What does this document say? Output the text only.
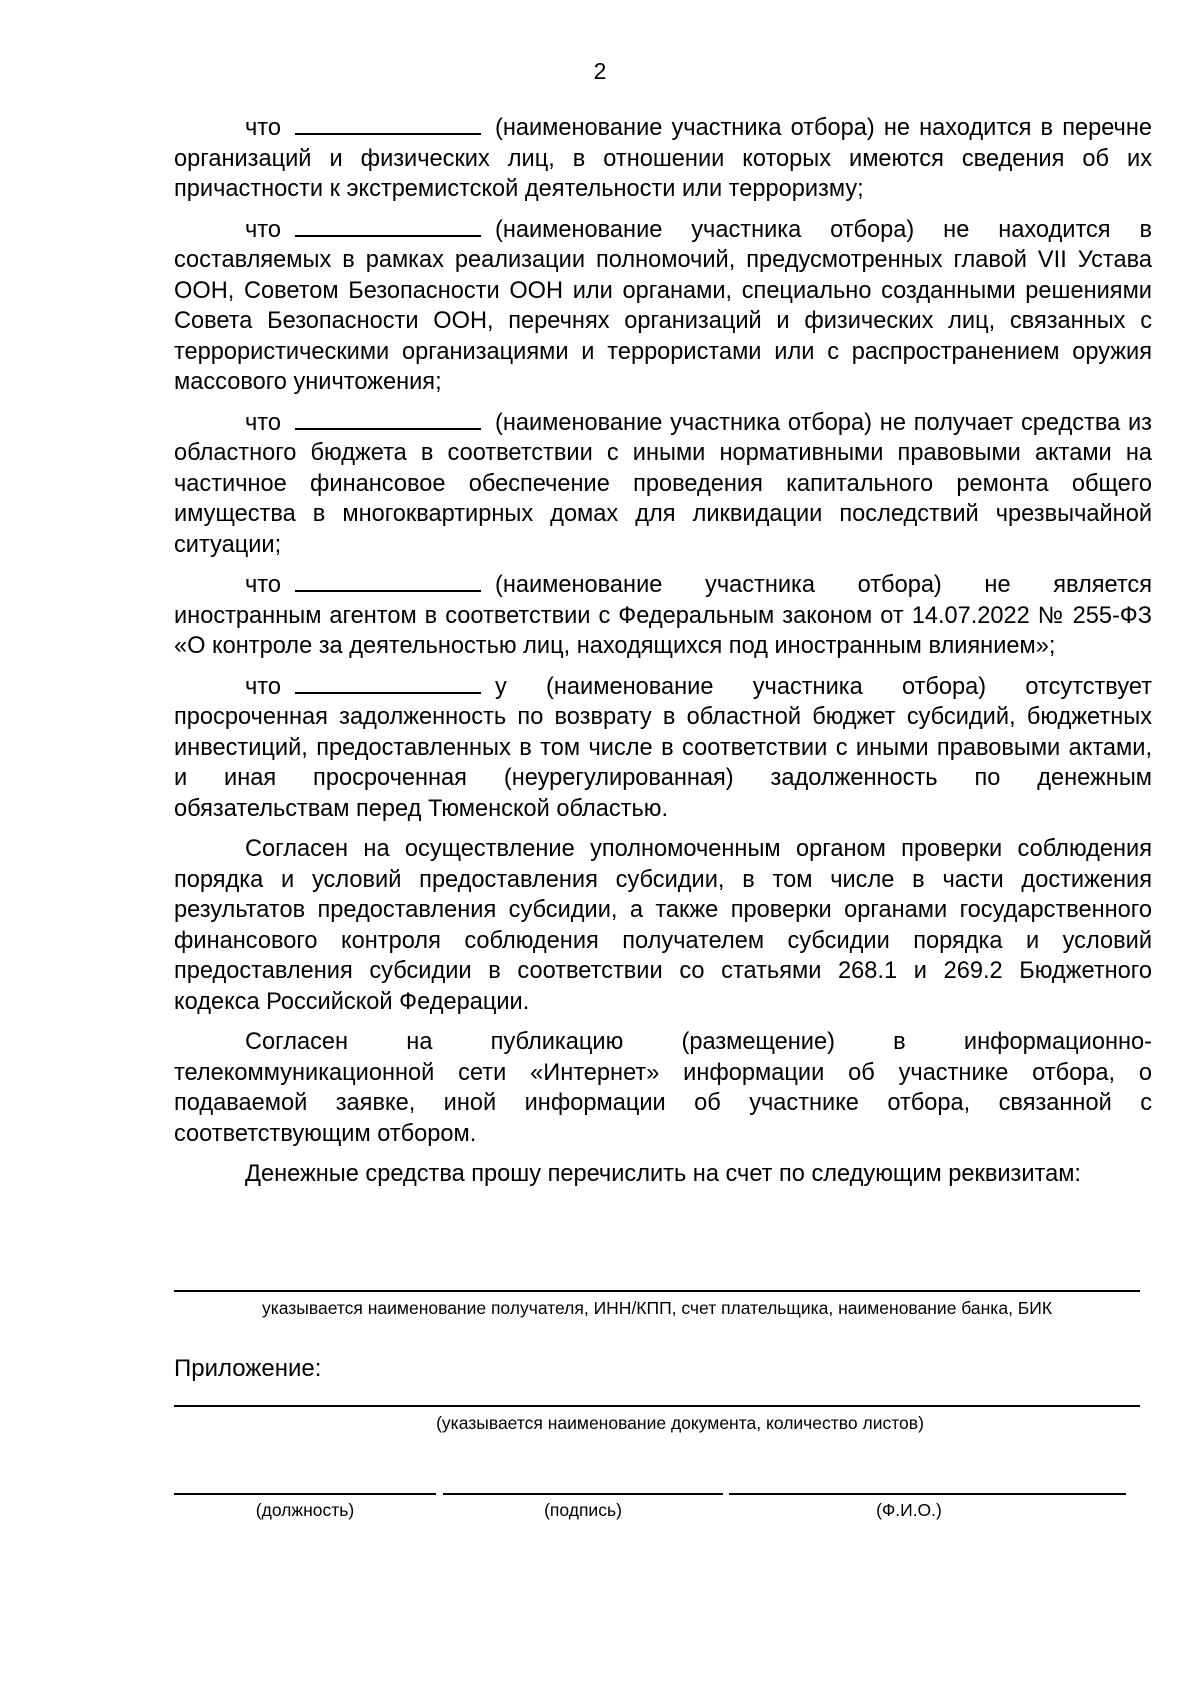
2

что	(наименование участника отбора) не находится в перечне организаций и физических лиц, в отношении которых имеются сведения об их причастности к экстремистской деятельности или терроризму;

что	(наименование участника отбора) не находится в составляемых в рамках реализации полномочий, предусмотренных главой VII Устава ООН, Советом Безопасности ООН или органами, специально созданными решениями Совета Безопасности ООН, перечнях организаций и физических лиц, связанных с террористическими организациями и террористами или с распространением оружия массового уничтожения;

что	(наименование участника отбора) не получает средства из областного бюджета в соответствии с иными нормативными правовыми актами на частичное финансовое обеспечение проведения капитального ремонта общего имущества в многоквартирных домах для ликвидации последствий чрезвычайной ситуации;

что	(наименование участника отбора) не является иностранным агентом в соответствии с Федеральным законом от 14.07.2022 № 255-ФЗ «О контроле за деятельностью лиц, находящихся под иностранным влиянием»;

что	у (наименование участника отбора) отсутствует просроченная задолженность по возврату в областной бюджет субсидий, бюджетных инвестиций, предоставленных в том числе в соответствии с иными правовыми актами, и иная просроченная (неурегулированная) задолженность по денежным обязательствам перед Тюменской областью.

Согласен на осуществление уполномоченным органом проверки соблюдения порядка и условий предоставления субсидии, в том числе в части достижения результатов предоставления субсидии, а также проверки органами государственного финансового контроля соблюдения получателем субсидии порядка и условий предоставления субсидии в соответствии со статьями 268.1 и 269.2 Бюджетного кодекса Российской Федерации.

Согласен на публикацию (размещение) в информационно-телекоммуникационной сети «Интернет» информации об участнике отбора, о подаваемой заявке, иной информации об участнике отбора, связанной с соответствующим отбором.

Денежные средства прошу перечислить на счет по следующим реквизитам:

указывается наименование получателя, ИНН/КПП, счет плательщика, наименование банка, БИК
Приложение:
(указывается наименование документа, количество листов)
(должность)	(подпись)	(Ф.И.О.)
